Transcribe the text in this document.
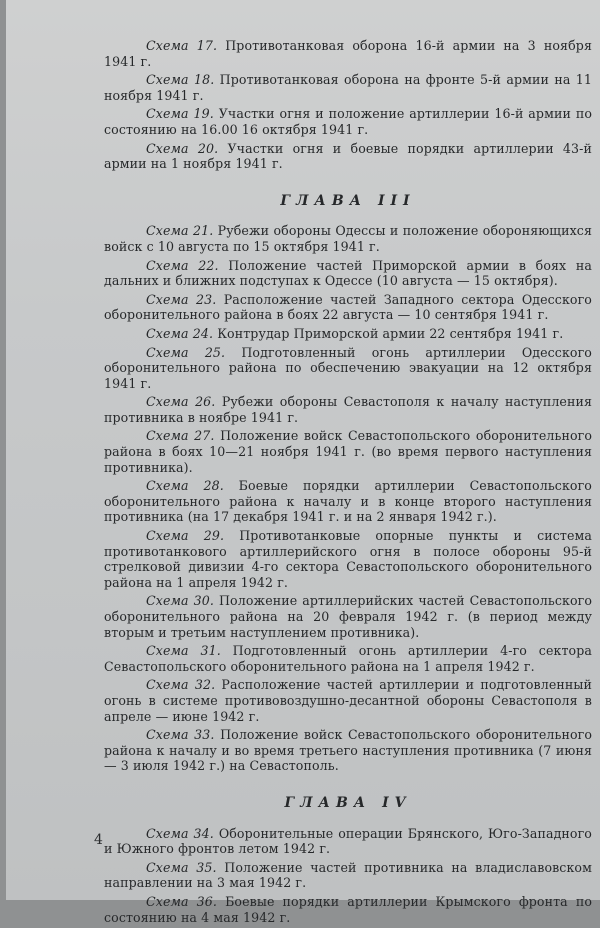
Схема 17. Противотанковая оборона 16-й армии на 3 ноября 1941 г.

Схема 18. Противотанковая оборона на фронте 5-й армии на 11 ноября 1941 г.

Схема 19. Участки огня и положение артиллерии 16-й армии по состоянию на 16.00 16 октября 1941 г.

Схема 20. Участки огня и боевые порядки артиллерии 43-й армии на 1 ноября 1941 г.

ГЛАВА III

Схема 21. Рубежи обороны Одессы и положение обороняющихся войск с 10 августа по 15 октября 1941 г.

Схема 22. Положение частей Приморской армии в боях на дальних и ближних подступах к Одессе (10 августа — 15 октября).

Схема 23. Расположение частей Западного сектора Одесского оборонительного района в боях 22 августа — 10 сентября 1941 г.

Схема 24. Контрудар Приморской армии 22 сентября 1941 г.

Схема 25. Подготовленный огонь артиллерии Одесского оборонительного района по обеспечению эвакуации на 12 октября 1941 г.

Схема 26. Рубежи обороны Севастополя к началу наступления противника в ноябре 1941 г.

Схема 27. Положение войск Севастопольского оборонительного района в боях 10—21 ноября 1941 г. (во время первого наступления противника).

Схема 28. Боевые порядки артиллерии Севастопольского оборонительного района к началу и в конце второго наступления противника (на 17 декабря 1941 г. и на 2 января 1942 г.).

Схема 29. Противотанковые опорные пункты и система противотанкового артиллерийского огня в полосе обороны 95-й стрелковой дивизии 4-го сектора Севастопольского оборонительного района на 1 апреля 1942 г.

Схема 30. Положение артиллерийских частей Севастопольского оборонительного района на 20 февраля 1942 г. (в период между вторым и третьим наступлением противника).

Схема 31. Подготовленный огонь артиллерии 4-го сектора Севастопольского оборонительного района на 1 апреля 1942 г.

Схема 32. Расположение частей артиллерии и подготовленный огонь в системе противовоздушно-десантной обороны Севастополя в апреле — июне 1942 г.

Схема 33. Положение войск Севастопольского оборонительного района к началу и во время третьего наступления противника (7 июня — 3 июля 1942 г.) на Севастополь.

ГЛАВА IV

Схема 34. Оборонительные операции Брянского, Юго-Западного и Южного фронтов летом 1942 г.

Схема 35. Положение частей противника на владиславовском направлении на 3 мая 1942 г.

Схема 36. Боевые порядки артиллерии Крымского фронта по состоянию на 4 мая 1942 г.

4
